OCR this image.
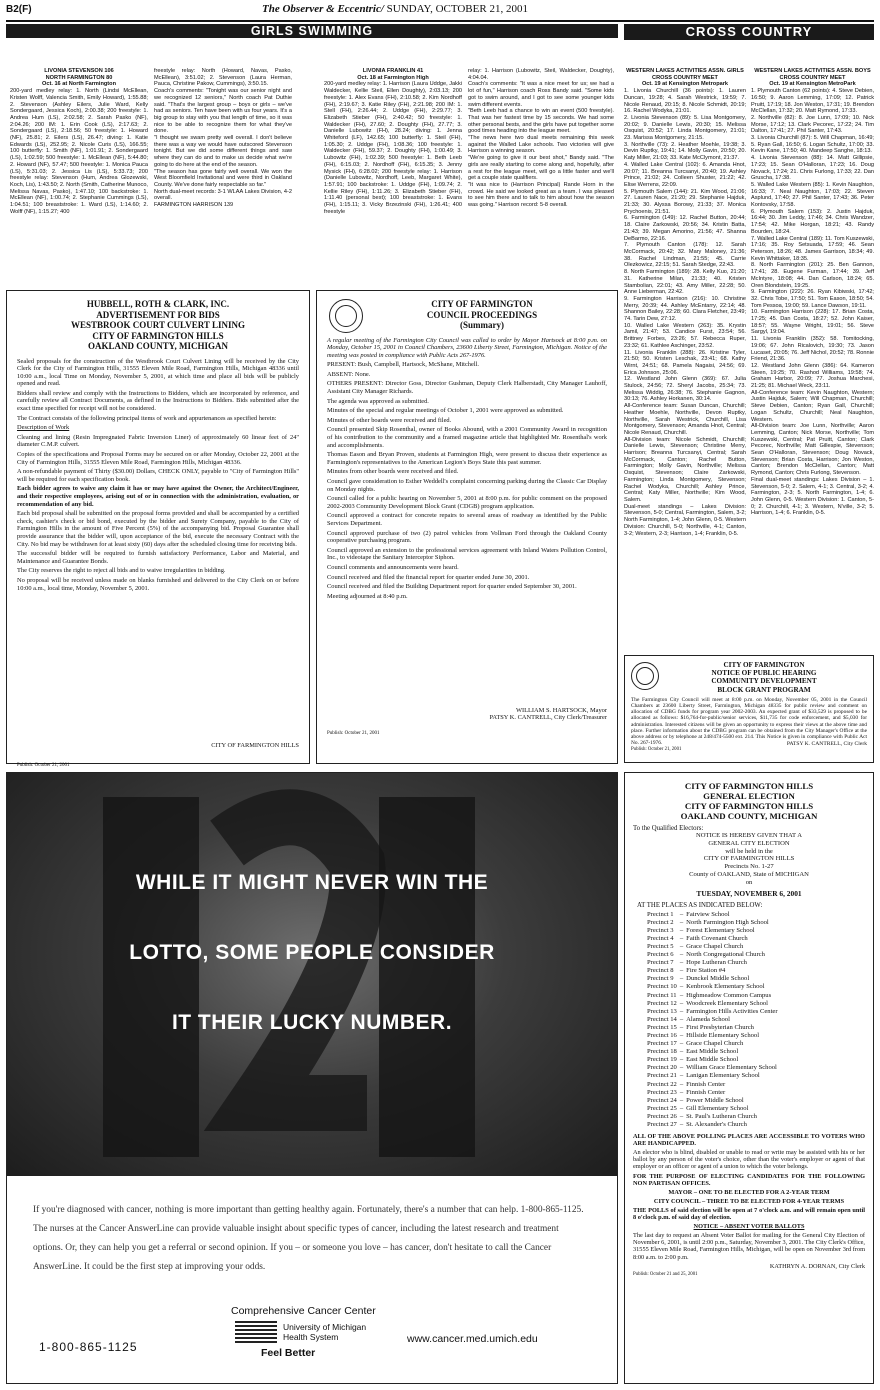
B2(F)	The Observer & Eccentric/ SUNDAY, OCTOBER 21, 2001
GIRLS SWIMMING
LIVONIA STEVENSON 106
NORTH FARMINGTON 80
Oct. 16 at North Farmington
200-yard medley relay: 1. North (Lindsi McEllean, Kristen Wolff, Valencia Smith, Emily Howard), 1:55.88; 2. Stevenson (Ashley Eilers, Julie Ward, Kelly Sondergaard, Jessica Koch), 2:00.38; 200 freestyle: 1. Andrea Hum (LS), 2:02.58; 2. Sarah Pasko (NF), 2:04.26; 200 IM: 1. Erin Cook (LS), 2:17.63; 2. Sondergaard (LS), 2:18.56; 50 freestyle: 1. Howard (NF), 25.81; 2. Eilers (LS), 26.47; diving: 1. Katie Edwards (LS), 252.95; 2. Nicole Curis (LS), 166.55; 100 butterfly: 1. Smith (NF), 1:01.91; 2. Sondergaard (LS), 1:02.59; 500 freestyle: 1. McEllean (NF), 5:44.80; 2. Howard (NF), 57.47; 500 freestyle: 1. Monica Pauca (LS), 5:31.03; 2. Jessica Lis (LS), 5:33.73; 200 freestyle relay: Stevenson (Hum, Andrea Glozewski, Koch, Lis), 1:43.50; 2. North (Smith, Catherine Munoco, Melissa Navas, Pasko), 1:47.10; 100 backstroke: 1. McEllean (NF), 1:00.74; 2. Stephanie Cummings (LS), 1:04.51; 100 breaststroke: 1. Ward (LS), 1:14.60; 2. Wolff (NF), 1:15.27; 400
freestyle relay: North (Howard, Navas, Pasko, McEllean), 3:51.02; 2. Stevenson (Laura Herman, Pauca, Christine Pakow, Cummings), 3:50.15.
Coach's comments: "Tonight was our senior night and we recognized 12 seniors," North coach Pat Duthie said. "That's the largest group – boys or girls – we've had as seniors. Ten have been with us four years. It's a big group to stay with you that length of time, so it was nice to be able to recognize them for what they've done.
"I thought we swam pretty well overall. I don't believe there was a way we would have outscored Stevenson tonight. But we did some different things and saw where they can do and to make us decide what we're going to do here at the end of the season.
"The season has gone fairly well overall. We won the West Bloomfield Invitational and were third in Oakland County. We've done fairly respectable so far."
North dual-meet records: 3-1 WLAA Lakes Division, 4-2 overall.
FARMINGTON HARRISON 139
LIVONIA FRANKLIN 41
Oct. 18 at Farmington High
200-yard medley relay: 1. Harrison (Laura Uddge, Jakki Waldecker, Kellie Steil, Ellen Doughty), 2:03.13; 200 freestyle: 1. Alex Evans (FH), 2:10.58; 2. Kim Nordhoff (FH), 2:19.67; 3. Katie Riley (FH), 2:21.98; 200 IM: 1. Stell (FH), 2:26.44; 2. Uddge (FH), 2:29.77; 3. Elizabeth Stieber (FH), 2:40.42; 50 freestyle: 1. Waldecker (FH), 27.60; 2. Doughty (FH), 27.77; 3. Danielle Lubowitz (FH), 28.24; diving: 1. Jenna Whiteford (LF), 142.65; 100 butterfly: 1. Steil (FH), 1:05.30; 2. Uddge (FH), 1:08.36; 100 freestyle: 1. Waldecker (FH), 59.37; 2. Doughty (FH), 1:00.49; 3. Lubowitz (FH), 1:02.39; 500 freestyle: 1. Beth Leeb (FH), 6:15.03; 2. Nordhoff (FH), 6:15.35; 3. Jenny Mysick (FH), 6:28.02; 200 freestyle relay: 1. Harrison (Danielle Lubowitz, Nordhoff, Leeb, Margaret White), 1:57.91; 100 backstroke: 1. Uddge (FH), 1:09.74; 2. Kellie Riley (FH), 1:11.26; 3. Elizabeth Stieber (FH), 1:11.40 (personal best); 100 breaststroke: 1. Evans (FH), 1:15.11; 3. Vicky Brzezinski (FH), 1:26.41; 400 freestyle
relay: 1. Harrison (Lubowitz, Steil, Waldecker, Doughty), 4:04.04.
Coach's comments: "It was a nice meet for us; we had a lot of fun," Harrison coach Ross Bandy said. "Some kids got to swim around, and I got to see some younger kids swim different events.
"Beth Leeb had a chance to win an event (500 freestyle). That was her fastest time by 15 seconds. We had some other personal bests, and the girls have put together some good times heading into the league meet.
"The news here two dual meets remaining this week against the Walled Lake schools. Two victories will give Harrison a winning season.
"We're going to give it our best shot," Bandy said. "The girls are really starting to come along and, hopefully, after a rest for the league meet, will go a little faster and we'll get a couple state qualifiers.
"It was nice to (Harrison Principal) Rande Horn in the crowd. He said we looked great as a team. I was pleased to see him there and to talk to him about how the season was going." Harrison record: 5-8 overall.
CROSS COUNTRY
WESTERN LAKES ACTIVITIES ASSN. GIRLS CROSS COUNTRY MEET
Oct. 19 at Kensington Metropark
1. Livonia Churchill (36 points): 1. Lauren Duncan, 19:28; 4. Sarah Westrick, 19:59; 7. Nicole Renaud, 20:15; 8. Nicole Schmidt, 20:19; 16. Rachel Wodyka, 21:01.
2. Livonia Stevenson (89): 5. Lisa Montgomery, 20:02; 9. Danielle Lewis, 20:30; 15. Melissa Osquist, 20:52; 17. Linda Montgomery, 21:01; 23. Marissa Montgomery, 21:15.
3. Northville (73): 2. Heather Moehle, 19:38; 3. Devin Ruptky, 19:41; 14. Molly Gavin, 20:50; 20. Katy Miller, 21:03; 33. Kate McClymont, 21:37.
4. Walled Lake Central (102): 6. Amanda Hnot, 20:07; 11. Breanna Turcsanyi, 20:40; 19. Ashley Prince, 21:02; 24. Colleen Shuster, 21:22; 42. Elise Werrens, 22:09.
5. Plymouth Salem (144): 21. Kim Wood, 21:06; 27. Lauren Nace, 21:20; 29. Stephanie Hajduk, 21:33; 30. Alyssa Borowy, 21:33; 37. Monica Prychoenis, 21:51.
6. Farmington (149): 12. Rachel Button, 20:44; 18. Claire Zarkowski, 20:56; 34. Kristin Batta, 21:43; 39. Megan Amorino, 21:56; 47. Shanna DeBarmo, 22:16.
7. Plymouth Canton (178): 12. Sarah McCormack, 20:42; 32. Mary Maloney, 21:36; 38. Rachel Lindman, 21:55; 45. Carrie Olezkowicz, 22:15; 51. Sarah Stedge, 22:43.
8. North Farmington (189): 28. Kelly Kuo, 21:20; 31. Katherine Milan, 21:33; 40. Kristen Stambolian, 22:01; 43. Amy Miller, 22:28; 50. Anne Lieberman, 22:42.
9. Farmington Harrison (216): 10. Christine Merry, 20:39; 44. Ashley McEntarry, 22:14; 48. Shannon Bailey, 22:28; 60. Clara Fletcher, 23:49; 74. Tarin Dew, 27:12.
10. Walled Lake Western (263): 35. Krystin Jamil, 21:47; 53. Candice Furst, 23:54; 56. Brittney Forbes, 23:26; 57. Rebecca Ruper, 23:32; 61. Kathlee Aschinger, 23:52.
11. Livonia Franklin (288): 26. Kristine Tyler, 21:50; 50. Kristen Leschak, 23:41; 68. Kathy Wirnt, 24:51; 68. Pamela Nagaisi, 24:56; 69. Erica Johnson, 25:06.
12. Westland John Glenn (369): 67. Julia Stulock, 24:56; 72. Sheryl Jacobs, 25:34; 73. Melissa Widdig, 26:38; 76. Stephanie Gagnon, 30:13; 76. Ashley Horkanen, 30:14.
All-Conference team: Susan Duncan, Churchill; Heather Moehle, Northville, Devon Ruptky, Northville, Sarah Westrick, Churchill, Lisa Montgomery, Stevenson; Amanda Hnot, Central; Nicole Renaud, Churchill.
All-Division team: Nicole Schmidt, Churchill; Danielle Lewis, Stevenson; Christine Merry, Harrison; Breanna Turcsanyi, Central; Sarah McCormack, Canton; Rachel Button, Farmington; Molly Gavin, Northville; Melissa Osquist, Stevenson; Claire Zarkowski, Farmington; Linda Montgomery, Stevenson; Rachel Wodyka, Churchill; Ashley Prince, Central; Katy Miller, Northville; Kim Wood, Salem.
Dual-meet standings – Lakes Division: Stevenson, 5-0; Central, Farmington, Salem, 3-2; North Farmington, 1-4; John Glenn, 0-5. Western Division: Churchill, 5-0; Northville, 4-1; Canton, 3-2; Western, 2-3; Harrison, 1-4; Franklin, 0-5.
WESTERN LAKES ACTIVITIES ASSN. BOYS CROSS COUNTRY MEET
Oct. 19 at Kensington MetroPark
1. Plymouth Canton (62 points): 4. Steve Debien, 16:50; 9. Aaron Lemming, 17:09; 12. Patrick Pruitt, 17:19; 18. Jon Weston, 17:31; 19. Brendon McClellan, 17:32; 20. Matt Rymond, 17:33.
2. Northville (82): 8. Joe Lunn, 17:09; 10. Nick Morse, 17:12; 13. Clark Pecorec, 17:22; 24. Tim Dalton, 17:41; 27. Phil Santer, 17:43.
3. Livonia Churchill (87): 5. Will Chapman, 16:49; 5. Ryan Gall, 16:50; 6. Logan Schultz, 17:00; 33. Kevin Kane, 17:50; 40. Mandeep Sanghe, 18:13.
4. Livonia Stevenson (88): 14. Matt Gillipsie, 17:23; 15. Sean O'Halloran, 17:23; 16. Doug Novack, 17:24; 21. Chris Furlong, 17:33; 22. Dan Gruscha, 17:38.
5. Walled Lake Western (85): 1. Kevin Naughton, 16:33; 7. Neal Naughton, 17:03; 22. Steven Asplund, 17:40; 27. Phil Santer, 17:43; 36. Peter Kontovsky, 17:58.
6. Plymouth Salem (153): 2. Justin Hajduk, 16:44; 30. Jim Leddy, 17:46; 34. Chris Wandzer, 17:54; 42. Mike Horgan, 18:21; 43. Randy Bourden, 18:24.
7. Walled Lake Central (189): 11. Tom Kuszewski, 17:16; 35. Roy Setsuada, 17:59; 46. Sean Peterson, 18:26; 48. James Garrison, 18:34; 49. Kevin Whittaker, 18:35.
8. North Farmington (201): 25. Ben Gannon, 17:41; 28. Eugene Furman, 17:44; 39. Jeff McIntyre, 18:08; 44. Dan Carlson, 18:24; 65. Oren Blondstein, 19:25.
9. Farmington (222): 26. Ryan Kibiwski, 17:42; 32. Chris Tobe, 17:50; 51. Tom Eason, 18:50; 54. Tom Pessoa, 19:00; 59. Lance Dawson, 19:11.
10. Farmington Harrison (228): 17. Brian Costa, 17:25; 45. Dan Costa, 18:27; 52. John Kaiser, 18:57; 55. Wayne Wright, 19:01; 56. Steve Sargyl, 19:04.
11. Livonia Franklin (352): 58. Tomitocking, 19:06; 67. John Ricalovich, 19:30; 73. Jason Lucaset, 20:05; 76. Jeff Nichol, 20:52; 78. Ronnie Friend, 21:36.
12. Westland John Glenn (386): 64. Kameron Steen, 19:25; 70. Rashod Williams, 19:58; 74. Graham Harbor, 20:09; 77. Joshua Marchesi, 21:25; 81. Michael Weck, 23:11.
All-Conference team: Kevin Naughton, Western; Justin Hajduk, Salem; Will Chapman, Churchill; Steve Debien, Canton; Ryan Gall, Churchill; Logan Schultz, Churchill; Neal Naughton, Western.
All-Division team: Joe Lunn, Northville; Aaron Lemming, Canton; Nick Morse, Northville; Tom Kuszewski, Central; Pat Pruitt, Canton; Clark Pecorec, Northville; Matt Gillespie, Stevenson; Sean O'Halloran, Stevenson; Doug Novack, Stevenson; Brian Costa, Harrison; Jon Weston, Canton; Brendon McClellan, Canton; Matt Rymond, Canton; Chris Furlong, Stevenson.
Final dual-meet standings: Lakes Division – 1. Stevenson, 5-0; 2. Salem, 4-1; 3. Central, 3-2; 4. Farmington, 2-3; 5. North Farmington, 1-4; 6. John Glenn, 0-5. Western Division: 1. Canton, 5-0; 2. Churchill, 4-1; 3. Western, N'ville, 3-2; 5. Harrison, 1-4; 6. Franklin, 0-5.
HUBBELL, ROTH & CLARK, INC.
ADVERTISEMENT FOR BIDS
WESTBROOK COURT CULVERT LINING
CITY OF FARMINGTON HILLS
OAKLAND COUNTY, MICHIGAN

Sealed proposals for the construction of the Westbrook Court Culvert Lining will be received by the City Clerk for the City of Farmington Hills, 31555 Eleven Mile Road, Farmington Hills, Michigan 48336 until 10:00 a.m., local Time on Monday, November 5, 2001, at which time and place all bids will be publicly opened and read.

Bidders shall review and comply with the Instructions to Bidders, which are incorporated by reference, and carefully review all Contract Documents, as defined in the Instructions to Bidders. Bids submitted after the exact time specified for receipt will not be considered.

The Contract consists of the following principal items of work and appurtenances as specified herein:

Description of Work

Cleaning and lining (Resin Impregnated Fabric Inversion Liner) of approximately 60 linear feet of 24" diameter C.M.P. culvert.

Copies of the specifications and Proposal Forms may be secured on or after Monday, October 22, 2001 at the City of Farmington Hills, 31555 Eleven Mile Road, Farmington Hills, Michigan 48336.

A non-refundable payment of Thirty ($30.00) Dollars, CHECK ONLY, payable to "City of Farmington Hills" will be required for each specification book.

Each bidder agrees to waive any claim it has or may have against the Owner, the Architect/Engineer, and their respective employees, arising out of or in connection with the administration, evaluation, or recommendation of any bid.

Each bid proposal shall be submitted on the proposal forms provided and shall be accompanied by a certified check, cashier's check or bid bond, executed by the bidder and Surety Company, payable to the City of Farmington Hills in the amount of Five Percent (5%) of the accompanying bid. Proposal Guarantee shall provide assurance that the bidder will, upon acceptance of the bid, execute the necessary Contract with the City. No bid may be withdrawn for at least sixty (60) days after the scheduled closing time for receiving bids.

The successful bidder will be required to furnish satisfactory Performance, Labor and Material, and Maintenance and Guarantee Bonds.

The City reserves the right to reject all bids and to waive irregularities in bidding.

No proposal will be received unless made on blanks furnished and delivered to the City Clerk on or before 10:00 a.m., local time, Monday, November 5, 2001.

CITY OF FARMINGTON HILLS
Publish: October 21, 2001
CITY OF FARMINGTON
COUNCIL PROCEEDINGS
(Summary)

A regular meeting of the Farmington City Council was called to order by Mayor Hartsock at 8:00 p.m. on Monday, October 15, 2001 in Council Chambers, 23600 Liberty Street, Farmington, Michigan. Notice of the meeting was posted in compliance with Public Acts 267-1976.

PRESENT: Bush, Campbell, Hartsock, McShane, Mitchell.

ABSENT: None.

OTHERS PRESENT: Director Goss, Director Gushman, Deputy Clerk Halberstadt, City Manager Lauhoff, Assistant City Manager Richards.

The agenda was approved as submitted.

Minutes of the special and regular meetings of October 1, 2001 were approved as submitted.

Minutes of other boards were received and filed.

Council presented Skip Rosenthal, owner of Books Abound, with a 2001 Community Award in recognition of his contribution to the community and a framed magazine article that highlighted Mr. Rosenthal's work and accomplishments.

Thomas Eason and Bryan Proven, students at Farmington High, were present to discuss their experience as Farmington's representatives to the American Legion's Boys State this past summer.

Minutes from other boards were received and filed.

Council gave consideration to Esther Weddell's complaint concerning parking during the Classic Car Display on Monday nights.

Council called for a public hearing on November 5, 2001 at 8:00 p.m. for public comment on the proposed 2002-2003 Community Development Block Grant (CDGB) program application.

Council approved a contract for concrete repairs to several areas of roadway as identified by the Public Services Department.

Council approved purchase of two (2) patrol vehicles from Vollman Ford through the Oakland County cooperative purchasing program.

Council approved an extension to the professional services agreement with Inland Waters Pollution Control, Inc., to videotape the Sanitary Interceptor Siphon.

Council comments and announcements were heard.

Council received and filed the financial report for quarter ended June 30, 2001.

Council received and filed the Building Department report for quarter ended September 30, 2001.

Meeting adjourned at 8:40 p.m.

WILLIAM S. HARTSOCK, Mayor
PATSY K. CANTRELL, City Clerk/Treasurer
Publish: October 21, 2001
CITY OF FARMINGTON
NOTICE OF PUBLIC HEARING
COMMUNITY DEVELOPMENT
BLOCK GRANT PROGRAM
The Farmington City Council will meet at 8:00 p.m. on Monday, November 05, 2001 in the Council Chambers at 23600 Liberty Street, Farmington, Michigan 48335 for public review and comment on allocation of CDBG funds for program year 2002-2003. An expected grant of $33,529 is proposed to be allocated as follows: $16,764-for-public/senior services, $11,735 for code enforcement, and $5,030 for administration. Interested citizens will be given an opportunity to express their views at the above time and place. Further information about the CDBG program can be obtained from the City Manager's Office at the above address or by telephone at 248/474-5500 ext. 214. This Notice is given in compliance with Public Act No. 267-1976.	PATSY K. CANTRELL, City Clerk
Publish: October 21, 2001
WHILE IT MIGHT NEVER WIN THE
LOTTO, SOME PEOPLE CONSIDER
IT THEIR LUCKY NUMBER.
If you're diagnosed with cancer, nothing is more important than getting healthy again. Fortunately, there's a number that can help. 1-800-865-1125. The nurses at the Cancer AnswerLine can provide valuable insight about specific types of cancer, including the latest research and treatment options. Or, they can help you get a referral or second opinion. If you – or someone you love – has cancer, don't hesitate to call the Cancer AnswerLine. It could be the first step at improving your odds.
Comprehensive Cancer Center
University of Michigan
Health System
Feel Better
1-800-865-1125
www.cancer.med.umich.edu
CITY OF FARMINGTON HILLS
GENERAL ELECTION
CITY OF FARMINGTON HILLS
OAKLAND COUNTY, MICHIGAN
To the Qualified Electors:
NOTICE IS HEREBY GIVEN THAT A
GENERAL CITY ELECTION
will be held in the
CITY OF FARMINGTON HILLS
Precincts No. 1-27
County of OAKLAND, State of MICHIGAN
on
TUESDAY, NOVEMBER 6, 2001
AT THE PLACES AS INDICATED BELOW:
Precinct 1	–	Fairview School
Precinct 2	–	North Farmington High School
Precinct 3	–	Forest Elementary School
Precinct 4	–	Faith Covenant Church
Precinct 5	–	Grace Chapel Church
Precinct 6	–	North Congregational Church
Precinct 7	–	Hope Lutheran Church
Precinct 8	–	Fire Station #4
Precinct 9	–	Dunckel Middle School
Precinct 10	–	Kenbrook Elementary School
Precinct 11	–	Highmeadow Common Campus
Precinct 12	–	Woodcreek Elementary School
Precinct 13	–	Farmington Hills Activities Center
Precinct 14	–	Alameda School
Precinct 15	–	First Presbyterian Church
Precinct 16	–	Hillside Elementary School
Precinct 17	–	Grace Chapel Church
Precinct 18	–	East Middle School
Precinct 19	–	East Middle School
Precinct 20	–	William Grace Elementary School
Precinct 21	–	Lanigan Elementary School
Precinct 22	–	Finnish Center
Precinct 23	–	Finnish Center
Precinct 24	–	Power Middle School
Precinct 25	–	Gill Elementary School
Precinct 26	–	St. Paul's Lutheran Church
Precinct 27	–	St. Alexander's Church

ALL OF THE ABOVE POLLING PLACES ARE ACCESSIBLE TO VOTERS WHO ARE HANDICAPPED.

An elector who is blind, disabled or unable to read or write may be assisted with his or her ballot by any person of the voter's choice, other than the voter's employer or agent of that employer or an officer or agent of a union to which the voter belongs.

FOR THE PURPOSE OF ELECTING CANDIDATES FOR THE FOLLOWING NON PARTISAN OFFICES.

MAYOR – ONE TO BE ELECTED FOR A 2-YEAR TERM

CITY COUNCIL – THREE TO BE ELECTED FOR 4-YEAR TERMS

THE POLLS of said election will be open at 7 o'clock a.m. and will remain open until 8 o'clock p.m. of said day of election.

NOTICE – ABSENT VOTER BALLOTS

The last day to request an Absent Voter Ballot for mailing for the General City Election of November 6, 2001, is until 2:00 p.m., Saturday, November 3, 2001. The City Clerk's Office, 31555 Eleven Mile Road, Farmington Hills, Michigan, will be open on November 3rd from 8:00 a.m. to 2:00 p.m.

KATHRYN A. DORNAN, City Clerk
Publish: October 21 and 25, 2001
